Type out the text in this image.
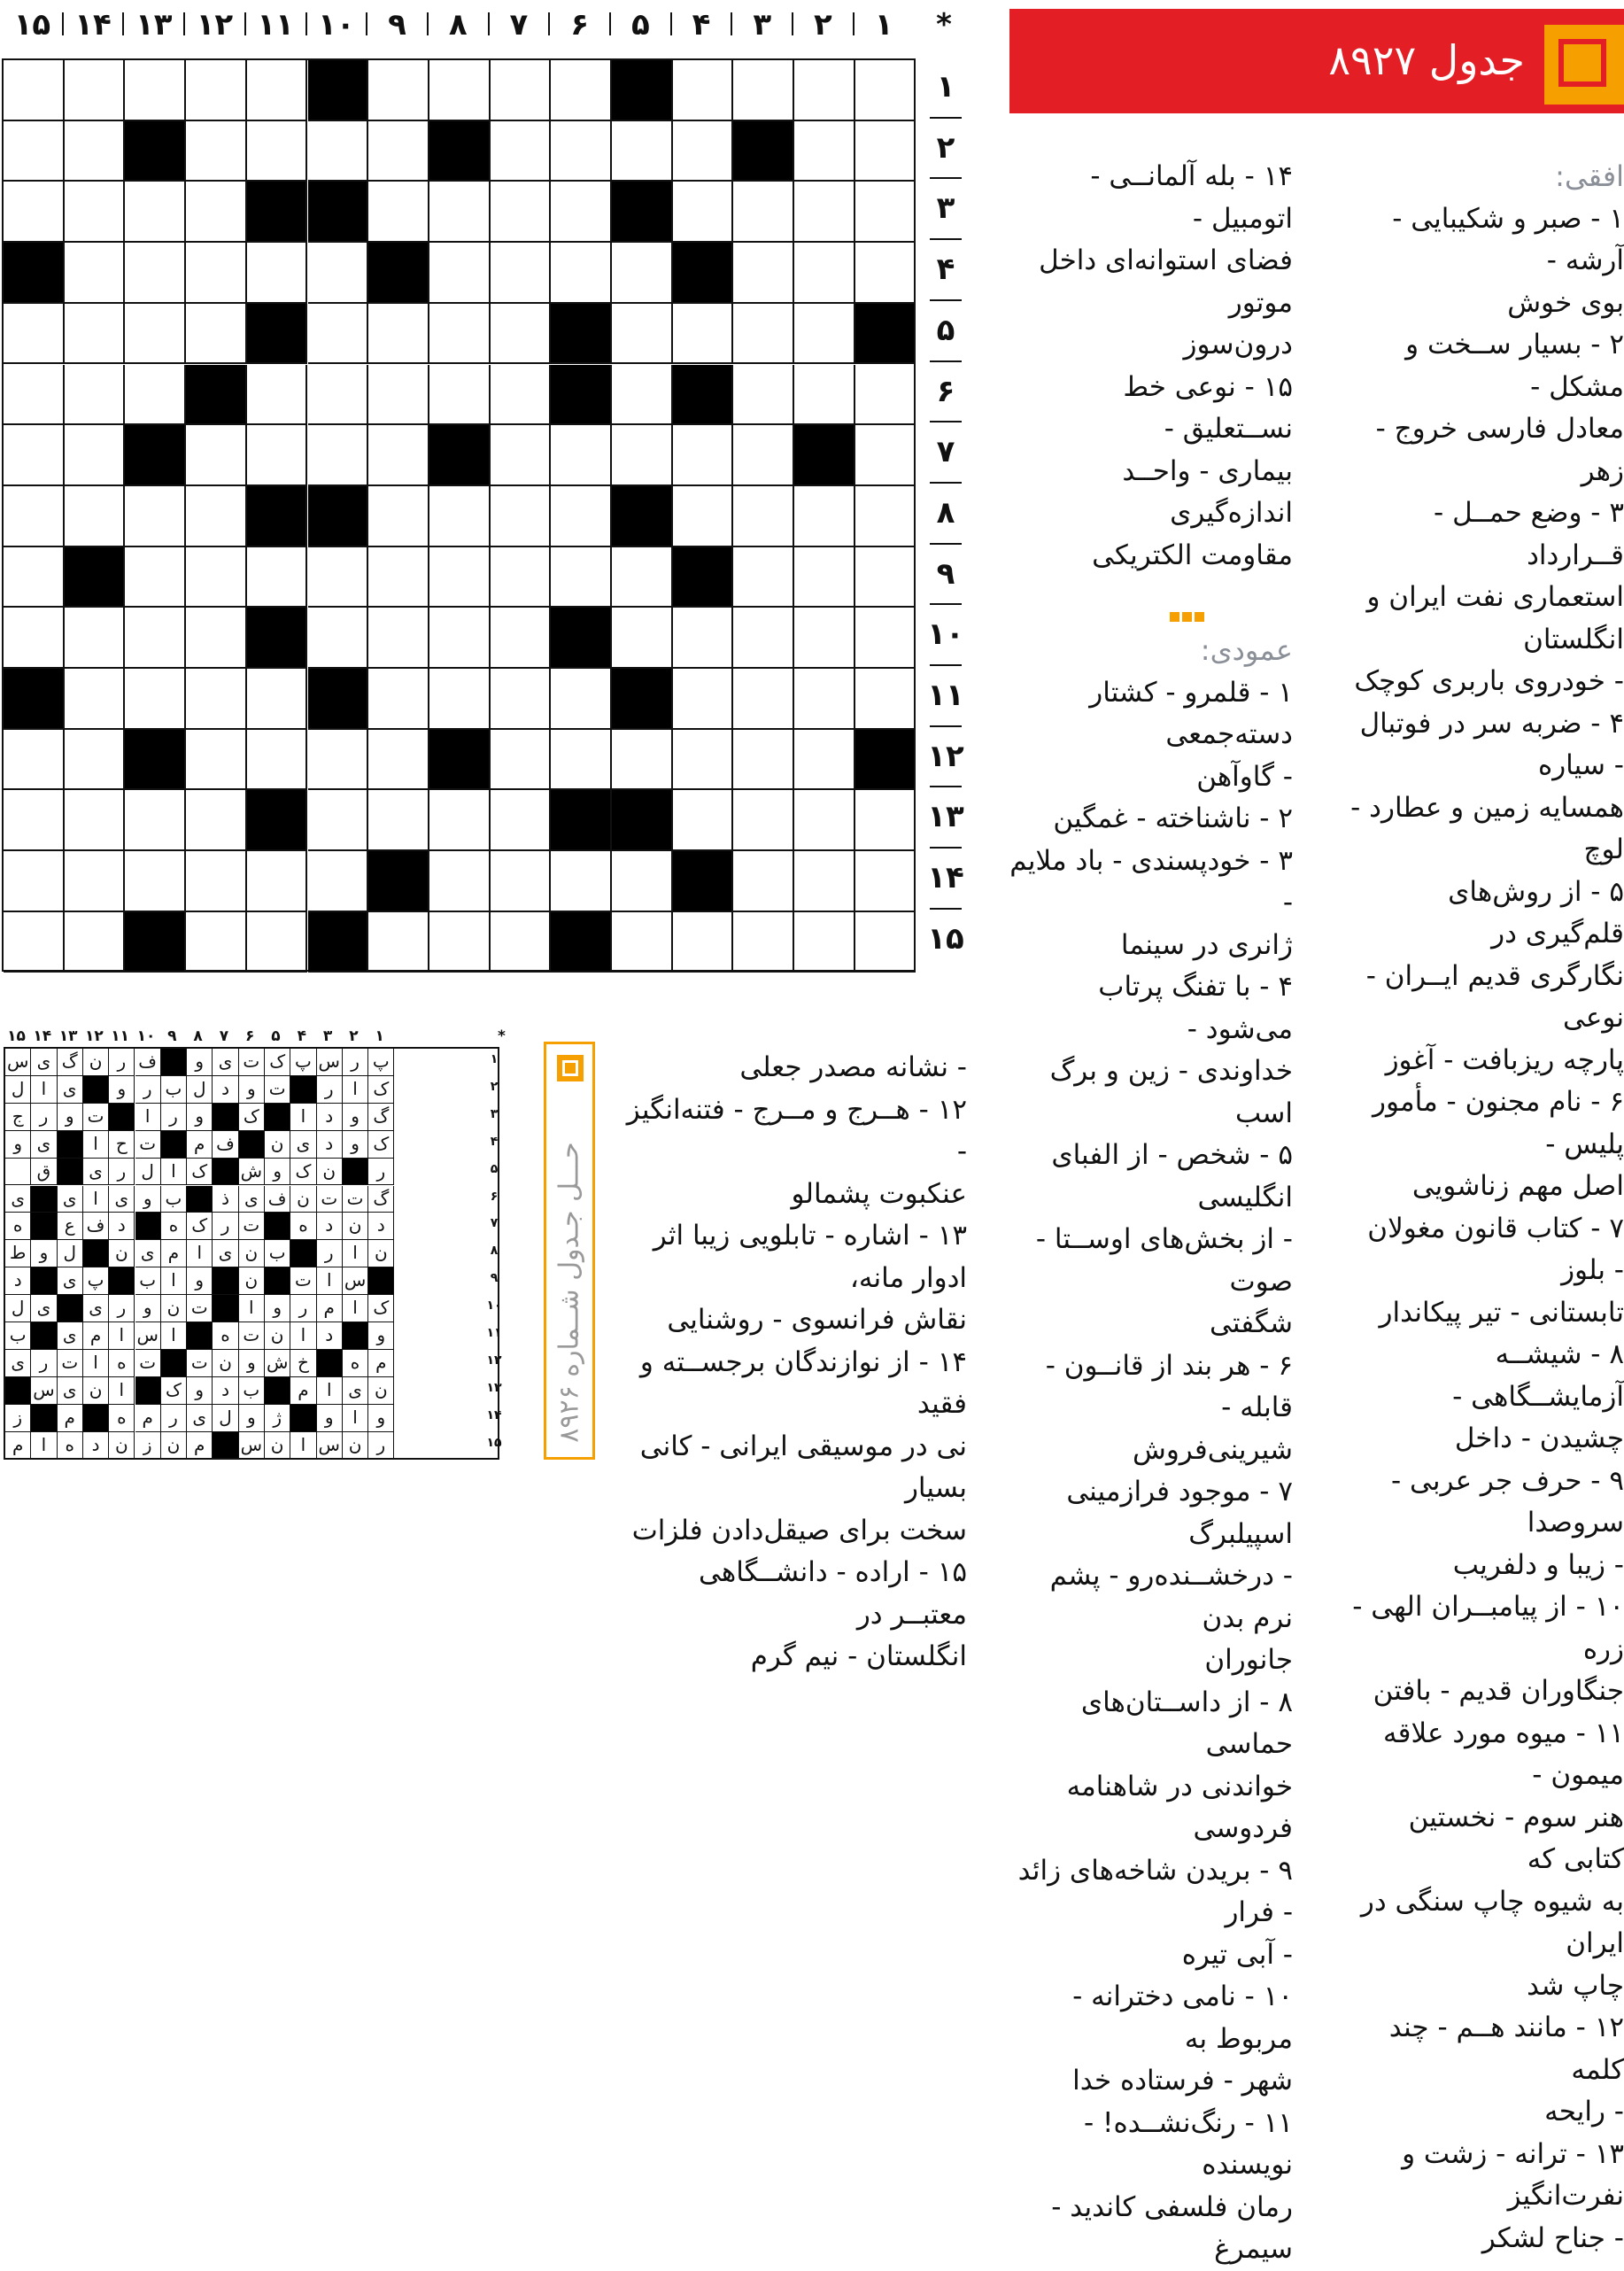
*
۱
۲
۳
۴
۵
۶
۷
۸
۹
۱۰
۱۱
۱۲
۱۳
۱۴
۱۵
۱
۲
۳
۴
۵
۶
۷
۸
۹
۱۰
۱۱
۱۲
۱۳
۱۴
۱۵
جدول ۸۹۲۷

افقی:

۱ - صبر و شکیبایی - آرشه -

بوی خوش

۲ - بسیار ســخت و مشکل -

معادل فارسی خروج - زهر

۳ - وضع حمــل - قــرارداد

استعماری نفت ایران و انگلستان

- خودروی باربری کوچک

۴ - ضربه سر در فوتبال - سیاره

همسایه زمین و عطارد - لوچ

۵ - از روش‌های قلم‌گیری در

نگارگری قدیم ایــران - نوعی

پارچه ریزبافت - آغوز

۶ - نام مجنون - مأمور پلیس -

اصل مهم زناشویی

۷ - کتاب قانون مغولان - بلوز

تابستانی - تیر پیکاندار

۸ - شیشــه آزمایشــگاهی -

چشیدن - داخل

۹ - حرف جر عربی - سروصدا

- زیبا و دلفریب

۱۰ - از پیامبــران الهی - زره

جنگاوران قدیم - بافتن

۱۱ - میوه مورد علاقه میمون -

هنر سوم - نخستین کتابی که

به شیوه چاپ سنگی در ایران

چاپ شد

۱۲ - مانند هــم - چند کلمه

- رایحه

۱۳ - ترانه - زشت و نفرت‌انگیز

- جناح لشکر

۱۴ - بله آلمانــی - اتومبیل -

فضای استوانه‌ای داخل موتور

درون‌سوز

۱۵ - نوعی خط نســتعلیق -

بیماری - واحــد اندازه‌گیری

مقاومت الکتریکی

عمودی:

۱ - قلمرو - کشتار دسته‌جمعی

- گاوآهن

۲ - ناشناخته - غمگین

۳ - خودپسندی - باد ملایم -

ژانری در سینما

۴ - با تفنگ پرتاب می‌شود -

خداوندی - زین و برگ اسب

۵ - شخص - از الفبای انگلیسی

- از بخش‌های اوســتا - صوت

شگفتی

۶ - هر بند از قانــون - قابله -

شیرینی‌فروش

۷ - موجود فرازمینی اسپیلبرگ

- درخشــنده‌رو - پشم نرم بدن

جانوران

۸ - از داســتان‌های حماسی

خواندنی در شاهنامه فردوسی

۹ - بریدن شاخه‌های زائد - فرار

- آبی تیره

۱۰ - نامی دخترانه - مربوط به

شهر - فرستاده خدا

۱۱ - رنگ‌نشــده! - نویسنده

رمان فلسفی کاندید - سیمرغ

- نشانه مصدر جعلی

۱۲ - هــرج و مــرج - فتنه‌انگیز -

عنکبوت پشمالو

۱۳ - اشاره - تابلویی زیبا اثر ادوار مانه،

نقاش فرانسوی - روشنایی

۱۴ - از نوازندگان برجســته و فقید

نی در موسیقی ایرانی - کانی بسیار

سخت برای صیقل‌دادن فلزات

۱۵ - اراده - دانشــگاهی معتبــر در

انگلستان - نیم گرم

حـــل جـدول شــماره ۸۹۲۶
*
۱
۲
۳
۴
۵
۶
۷
۸
۹
۱۰
۱۱
۱۲
۱۳
۱۴
۱۵
پ
ر
س
پ
ک
ت
ی
و
ف
ر
ن
گ
ی
س
ک
ا
ر
ت
و
د
ل
ب
ر
و
ی
ا
ل
گ
و
د
ا
ک
و
ر
ا
ت
و
ر
ج
ک
و
د
ی
ن
ف
م
ت
ح
ا
ی
و
ر
ن
ک
و
ش
ک
ا
ل
ر
ی
ق
گ
ت
ت
ن
ف
ی
ذ
ب
و
ی
ا
ی
ی
د
ن
د
ه
ت
ر
ک
ه
د
ف
ع
ه
ن
ا
ر
ب
ن
ی
ا
م
ی
ن
ل
و
ط
س
ا
ت
ن
و
ا
ب
پ
ی
د
ک
ا
م
ر
و
ا
ت
ن
و
ر
ی
ی
ل
و
د
ا
ن
ت
ه
ا
س
ا
م
ی
ب
م
ه
خ
ش
و
ن
ت
ت
ه
ا
ت
ر
ی
ن
ی
ا
م
ب
د
و
ک
ا
ن
ی
س
و
ا
و
ژ
و
ل
ی
ر
م
ه
م
ز
ر
ن
س
ا
ن
س
م
ن
ز
ن
د
ه
ا
م
۱
۲
۳
۴
۵
۶
۷
۸
۹
۱۰
۱۱
۱۲
۱۳
۱۴
۱۵
